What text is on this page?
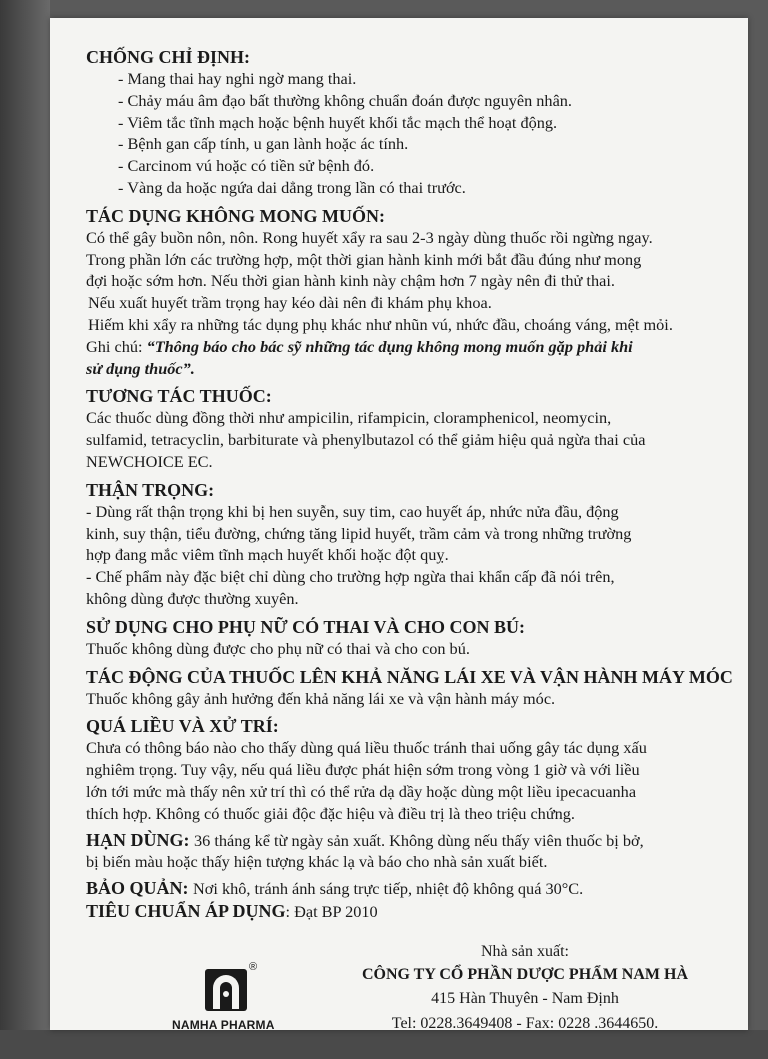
CHỐNG CHỈ ĐỊNH:
- Mang thai hay nghi ngờ mang thai.
- Chảy máu âm đạo bất thường không chuẩn đoán được nguyên nhân.
- Viêm tắc tĩnh mạch hoặc bệnh huyết khối tắc mạch thể hoạt động.
- Bệnh gan cấp tính, u gan lành hoặc ác tính.
- Carcinom vú hoặc có tiền sử bệnh đó.
- Vàng da hoặc ngứa dai dẳng trong lần có thai trước.
TÁC DỤNG KHÔNG MONG MUỐN:
Có thể gây buồn nôn, nôn. Rong huyết xẩy ra sau 2-3 ngày dùng thuốc rồi ngừng ngay.
Trong phần lớn các trường hợp, một thời gian hành kinh mới bắt đầu đúng như mong
đợi hoặc sớm hơn. Nếu thời gian hành kinh này chậm hơn 7 ngày nên đi thử thai.
Nếu xuất huyết trầm trọng hay kéo dài nên đi khám phụ khoa.
Hiếm khi xẩy ra những tác dụng phụ khác như nhũn vú, nhức đầu, choáng váng, mệt mỏi.
Ghi chú: “Thông báo cho bác sỹ những tác dụng không mong muốn gặp phải khi
sử dụng thuốc”.
TƯƠNG TÁC THUỐC:
Các thuốc dùng đồng thời như ampicilin, rifampicin, cloramphenicol, neomycin,
sulfamid, tetracyclin, barbiturate và phenylbutazol có thể giảm hiệu quả ngừa thai của
NEWCHOICE EC.
THẬN TRỌNG:
- Dùng rất thận trọng khi bị hen suyễn, suy tim, cao huyết áp, nhức nửa đầu, động
kinh, suy thận, tiểu đường, chứng tăng lipid huyết, trầm cảm và trong những trường
hợp đang mắc viêm tĩnh mạch huyết khối hoặc đột quỵ.
- Chế phẩm này đặc biệt chỉ dùng cho trường hợp ngừa thai khẩn cấp đã nói trên,
không dùng được thường xuyên.
SỬ DỤNG CHO PHỤ NỮ CÓ THAI VÀ CHO CON BÚ:
Thuốc không dùng được cho phụ nữ có thai và cho con bú.
TÁC ĐỘNG CỦA THUỐC LÊN KHẢ NĂNG LÁI XE VÀ VẬN HÀNH MÁY MÓC
Thuốc không gây ảnh hưởng đến khả năng lái xe và vận hành máy móc.
QUÁ LIỀU VÀ XỬ TRÍ:
Chưa có thông báo nào cho thấy dùng quá liều thuốc tránh thai uống gây tác dụng xấu
nghiêm trọng. Tuy vậy, nếu quá liều được phát hiện sớm trong vòng 1 giờ và với liều
lớn tới mức mà thấy nên xử trí thì có thể rửa dạ dầy hoặc dùng một liều ipecacuanha
thích hợp. Không có thuốc giải độc đặc hiệu và điều trị là theo triệu chứng.
HẠN DÙNG: 36 tháng kể từ ngày sản xuất. Không dùng nếu thấy viên thuốc bị bở,
bị biến màu hoặc thấy hiện tượng khác lạ và báo cho nhà sản xuất biết.
BẢO QUẢN: Nơi khô, tránh ánh sáng trực tiếp, nhiệt độ không quá 30°C.
TIÊU CHUẨN ÁP DỤNG: Đạt BP 2010
®
NAMHA PHARMA
Nhà sản xuất:
CÔNG TY CỔ PHẦN DƯỢC PHẨM NAM HÀ
415 Hàn Thuyên - Nam Định
Tel: 0228.3649408 - Fax: 0228 .3644650.
